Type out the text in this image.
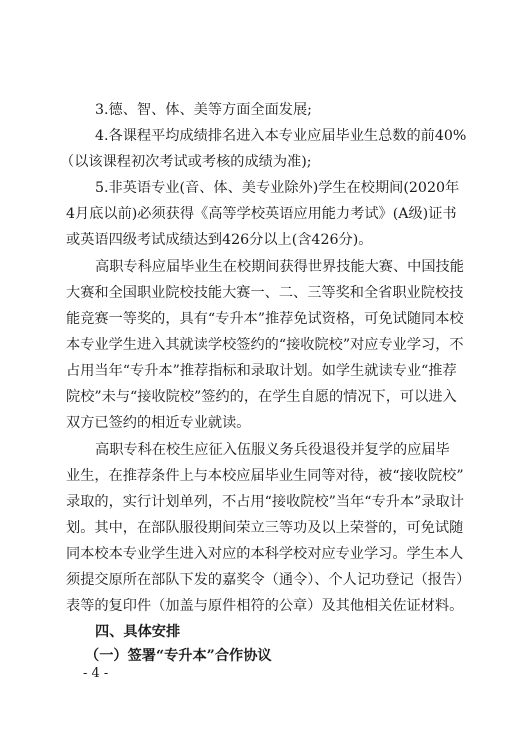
3.德、智、体、美等方面全面发展;
4.各课程平均成绩排名进入本专业应届毕业生总数的前40%
（以该课程初次考试或考核的成绩为准);
5.非英语专业(音、体、美专业除外)学生在校期间(2020年
4月底以前)必须获得《高等学校英语应用能力考试》(A级)证书
或英语四级考试成绩达到426分以上(含426分)。
高职专科应届毕业生在校期间获得世界技能大赛、中国技能
大赛和全国职业院校技能大赛一、二、三等奖和全省职业院校技
能竞赛一等奖的，具有“专升本”推荐免试资格，可免试随同本校
本专业学生进入其就读学校签约的“接收院校”对应专业学习，不
占用当年“专升本”推荐指标和录取计划。如学生就读专业“推荐
院校”未与“接收院校”签约的，在学生自愿的情况下，可以进入
双方已签约的相近专业就读。
高职专科在校生应征入伍服义务兵役退役并复学的应届毕
业生，在推荐条件上与本校应届毕业生同等对待，被“接收院校”
录取的，实行计划单列，不占用“接收院校”当年“专升本”录取计
划。其中，在部队服役期间荣立三等功及以上荣誉的，可免试随
同本校本专业学生进入对应的本科学校对应专业学习。学生本人
须提交原所在部队下发的嘉奖令（通令）、个人记功登记（报告）
表等的复印件（加盖与原件相符的公章）及其他相关佐证材料。
四、具体安排
（一）签署“专升本”合作协议
- 4 -
